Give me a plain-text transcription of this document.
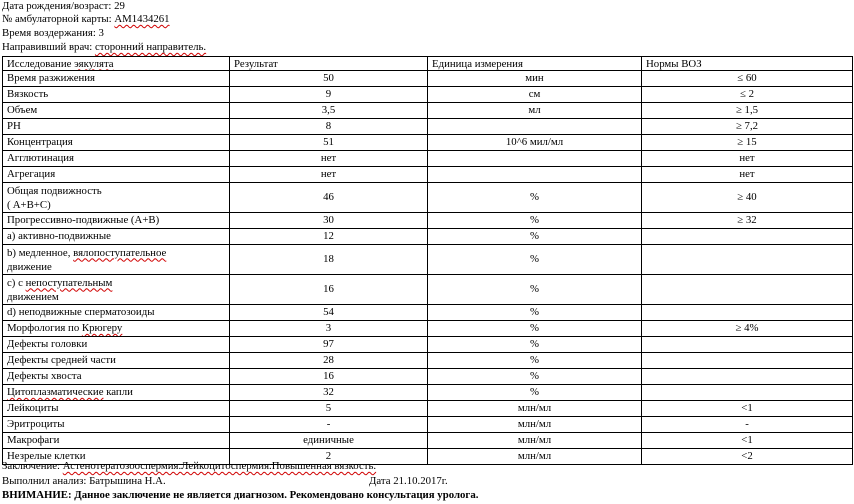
Дата рождения/возраст: 29
№ амбулаторной карты: AM1434261
Время воздержания: 3
Направивший врач: сторонний направитель.
Исследование эякулята	Результат	Единица измерения	Нормы ВОЗ
Время разжижения	50	мин	≤ 60
Вязкость	9	см	≤ 2
Объем	3,5	мл	≥ 1,5
PH	8		≥ 7,2
Концентрация	51	10^6 мил/мл	≥ 15
Агглютинация	нет		нет
Агрегация	нет		нет

Общая подвижность
( A+B+C)	46	%	≥ 40
Прогрессивно-подвижные (A+B)	30	%	≥ 32
а) активно-подвижные	12	%	

b) медленное, вялопоступательное
движение	18	%	

c) с непоступательным
движением	16	%	
d) неподвижные сперматозоиды	54	%	
Морфология по Крюгеру	3	%	≥ 4%
Дефекты головки	97	%	
Дефекты средней части	28	%	
Дефекты хвоста	16	%	
Цитоплазматические капли	32	%	
Лейкоциты	5	млн/мл	<1
Эритроциты	-	млн/мл	-
Макрофаги	единичные	млн/мл	<1
Незрелые клетки	2	млн/мл	<2
Заключение: Астенотератозооспермия.Лейкоцитоспермия.Повышенная вязкость.
Выполнил анализ: Батрышина Н.А.	Дата 21.10.2017г.
ВНИМАНИЕ: Данное заключение не является диагнозом. Рекомендовано консультация уролога.
